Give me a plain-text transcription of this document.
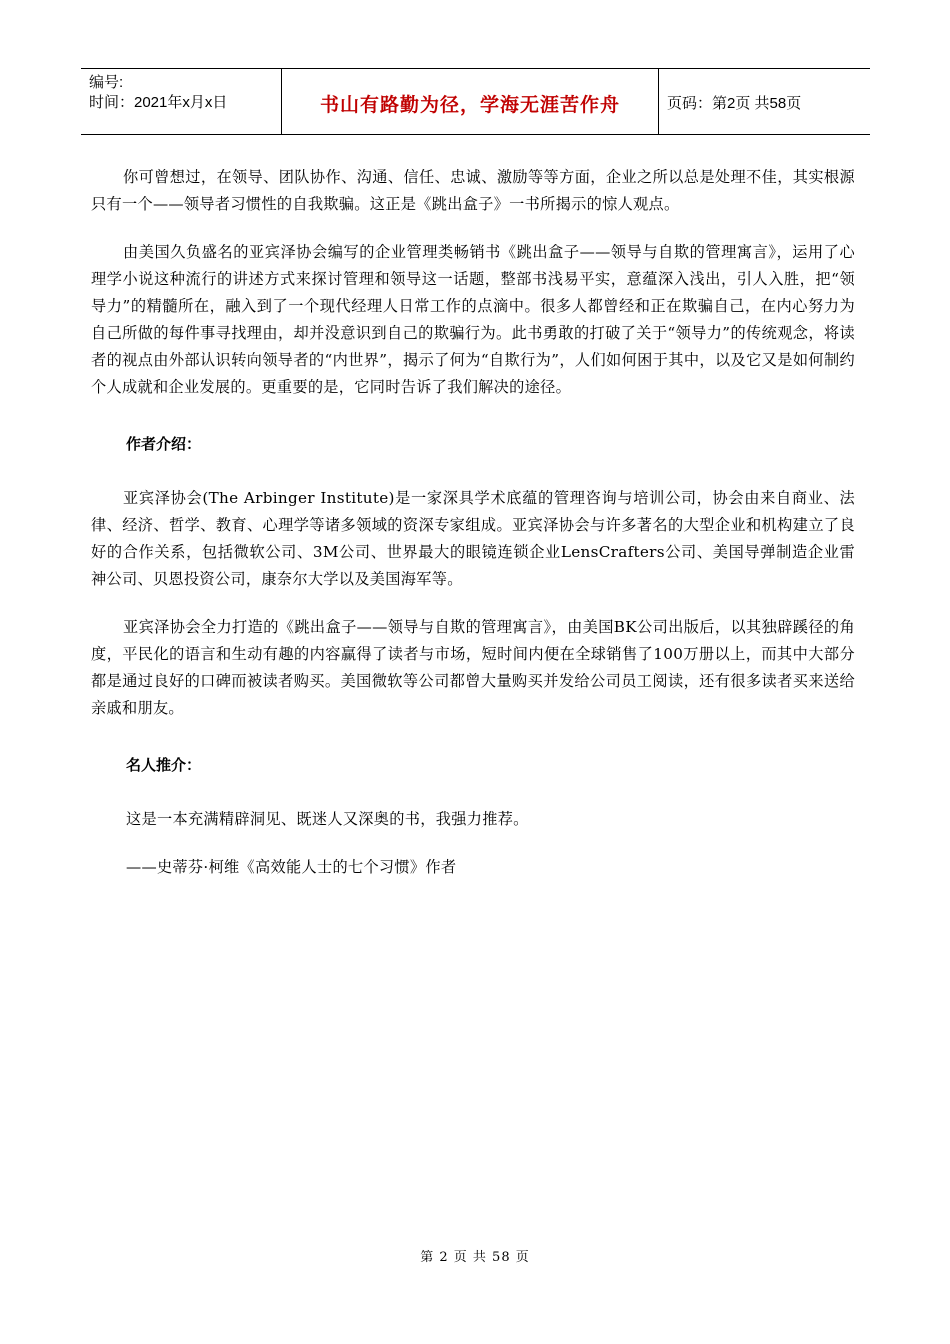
编号:
时间：2021年x月x日	书山有路勤为径，学海无涯苦作舟	页码：第2页 共58页

你可曾想过，在领导、团队协作、沟通、信任、忠诚、激励等等方面，企业之所以总是处理不佳，其实根源只有一个——领导者习惯性的自我欺骗。这正是《跳出盒子》一书所揭示的惊人观点。

由美国久负盛名的亚宾泽协会编写的企业管理类畅销书《跳出盒子——领导与自欺的管理寓言》，运用了心理学小说这种流行的讲述方式来探讨管理和领导这一话题，整部书浅易平实，意蕴深入浅出，引人入胜，把“领导力”的精髓所在，融入到了一个现代经理人日常工作的点滴中。很多人都曾经和正在欺骗自己，在内心努力为自己所做的每件事寻找理由，却并没意识到自己的欺骗行为。此书勇敢的打破了关于“领导力”的传统观念，将读者的视点由外部认识转向领导者的“内世界”，揭示了何为“自欺行为”，人们如何困于其中，以及它又是如何制约个人成就和企业发展的。更重要的是，它同时告诉了我们解决的途径。

作者介绍：

亚宾泽协会(The Arbinger Institute)是一家深具学术底蕴的管理咨询与培训公司，协会由来自商业、法律、经济、哲学、教育、心理学等诸多领域的资深专家组成。亚宾泽协会与许多著名的大型企业和机构建立了良好的合作关系，包括微软公司、3M公司、世界最大的眼镜连锁企业LensCrafters公司、美国导弹制造企业雷神公司、贝恩投资公司，康奈尔大学以及美国海军等。

亚宾泽协会全力打造的《跳出盒子——领导与自欺的管理寓言》，由美国BK公司出版后，以其独辟蹊径的角度，平民化的语言和生动有趣的内容赢得了读者与市场，短时间内便在全球销售了100万册以上，而其中大部分都是通过良好的口碑而被读者购买。美国微软等公司都曾大量购买并发给公司员工阅读，还有很多读者买来送给亲戚和朋友。

名人推介：

这是一本充满精辟洞见、既迷人又深奥的书，我强力推荐。

——史蒂芬·柯维《高效能人士的七个习惯》作者

第 2 页 共 58 页
